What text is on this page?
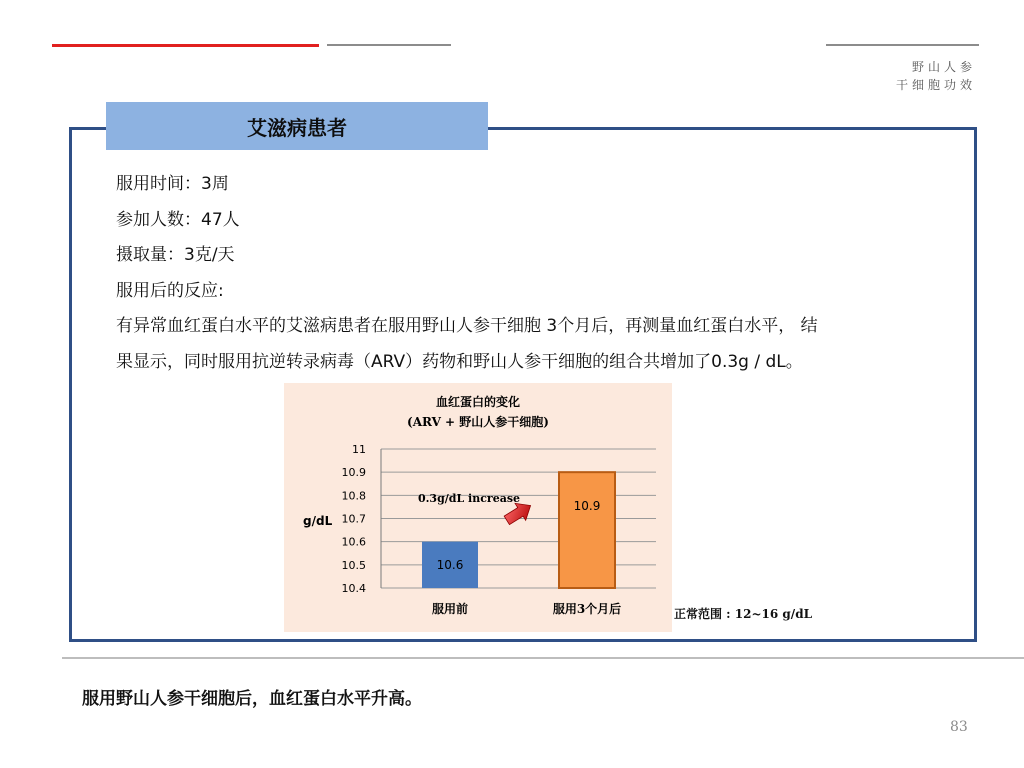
野山人参
干细胞功效
艾滋病患者
服用时间：3周
参加人数：47人
摄取量：3克/天
服用后的反应:
有异常血红蛋白水平的艾滋病患者在服用野山人参干细胞 3个月后，再测量血红蛋白水平， 结
果显示，同时服用抗逆转录病毒（ARV）药物和野山人参干细胞的组合共增加了0.3g / dL。
血红蛋白的变化
(ARV + 野山人参干细胞)
g/dL
10.4
10.5
10.6
10.7
10.8
10.9
11
10.6
10.9
0.3g/dL increase
服用前	服用3个月后	正常范围 : 12~16 g/dL
服用野山人参干细胞后，血红蛋白水平升高。
83
